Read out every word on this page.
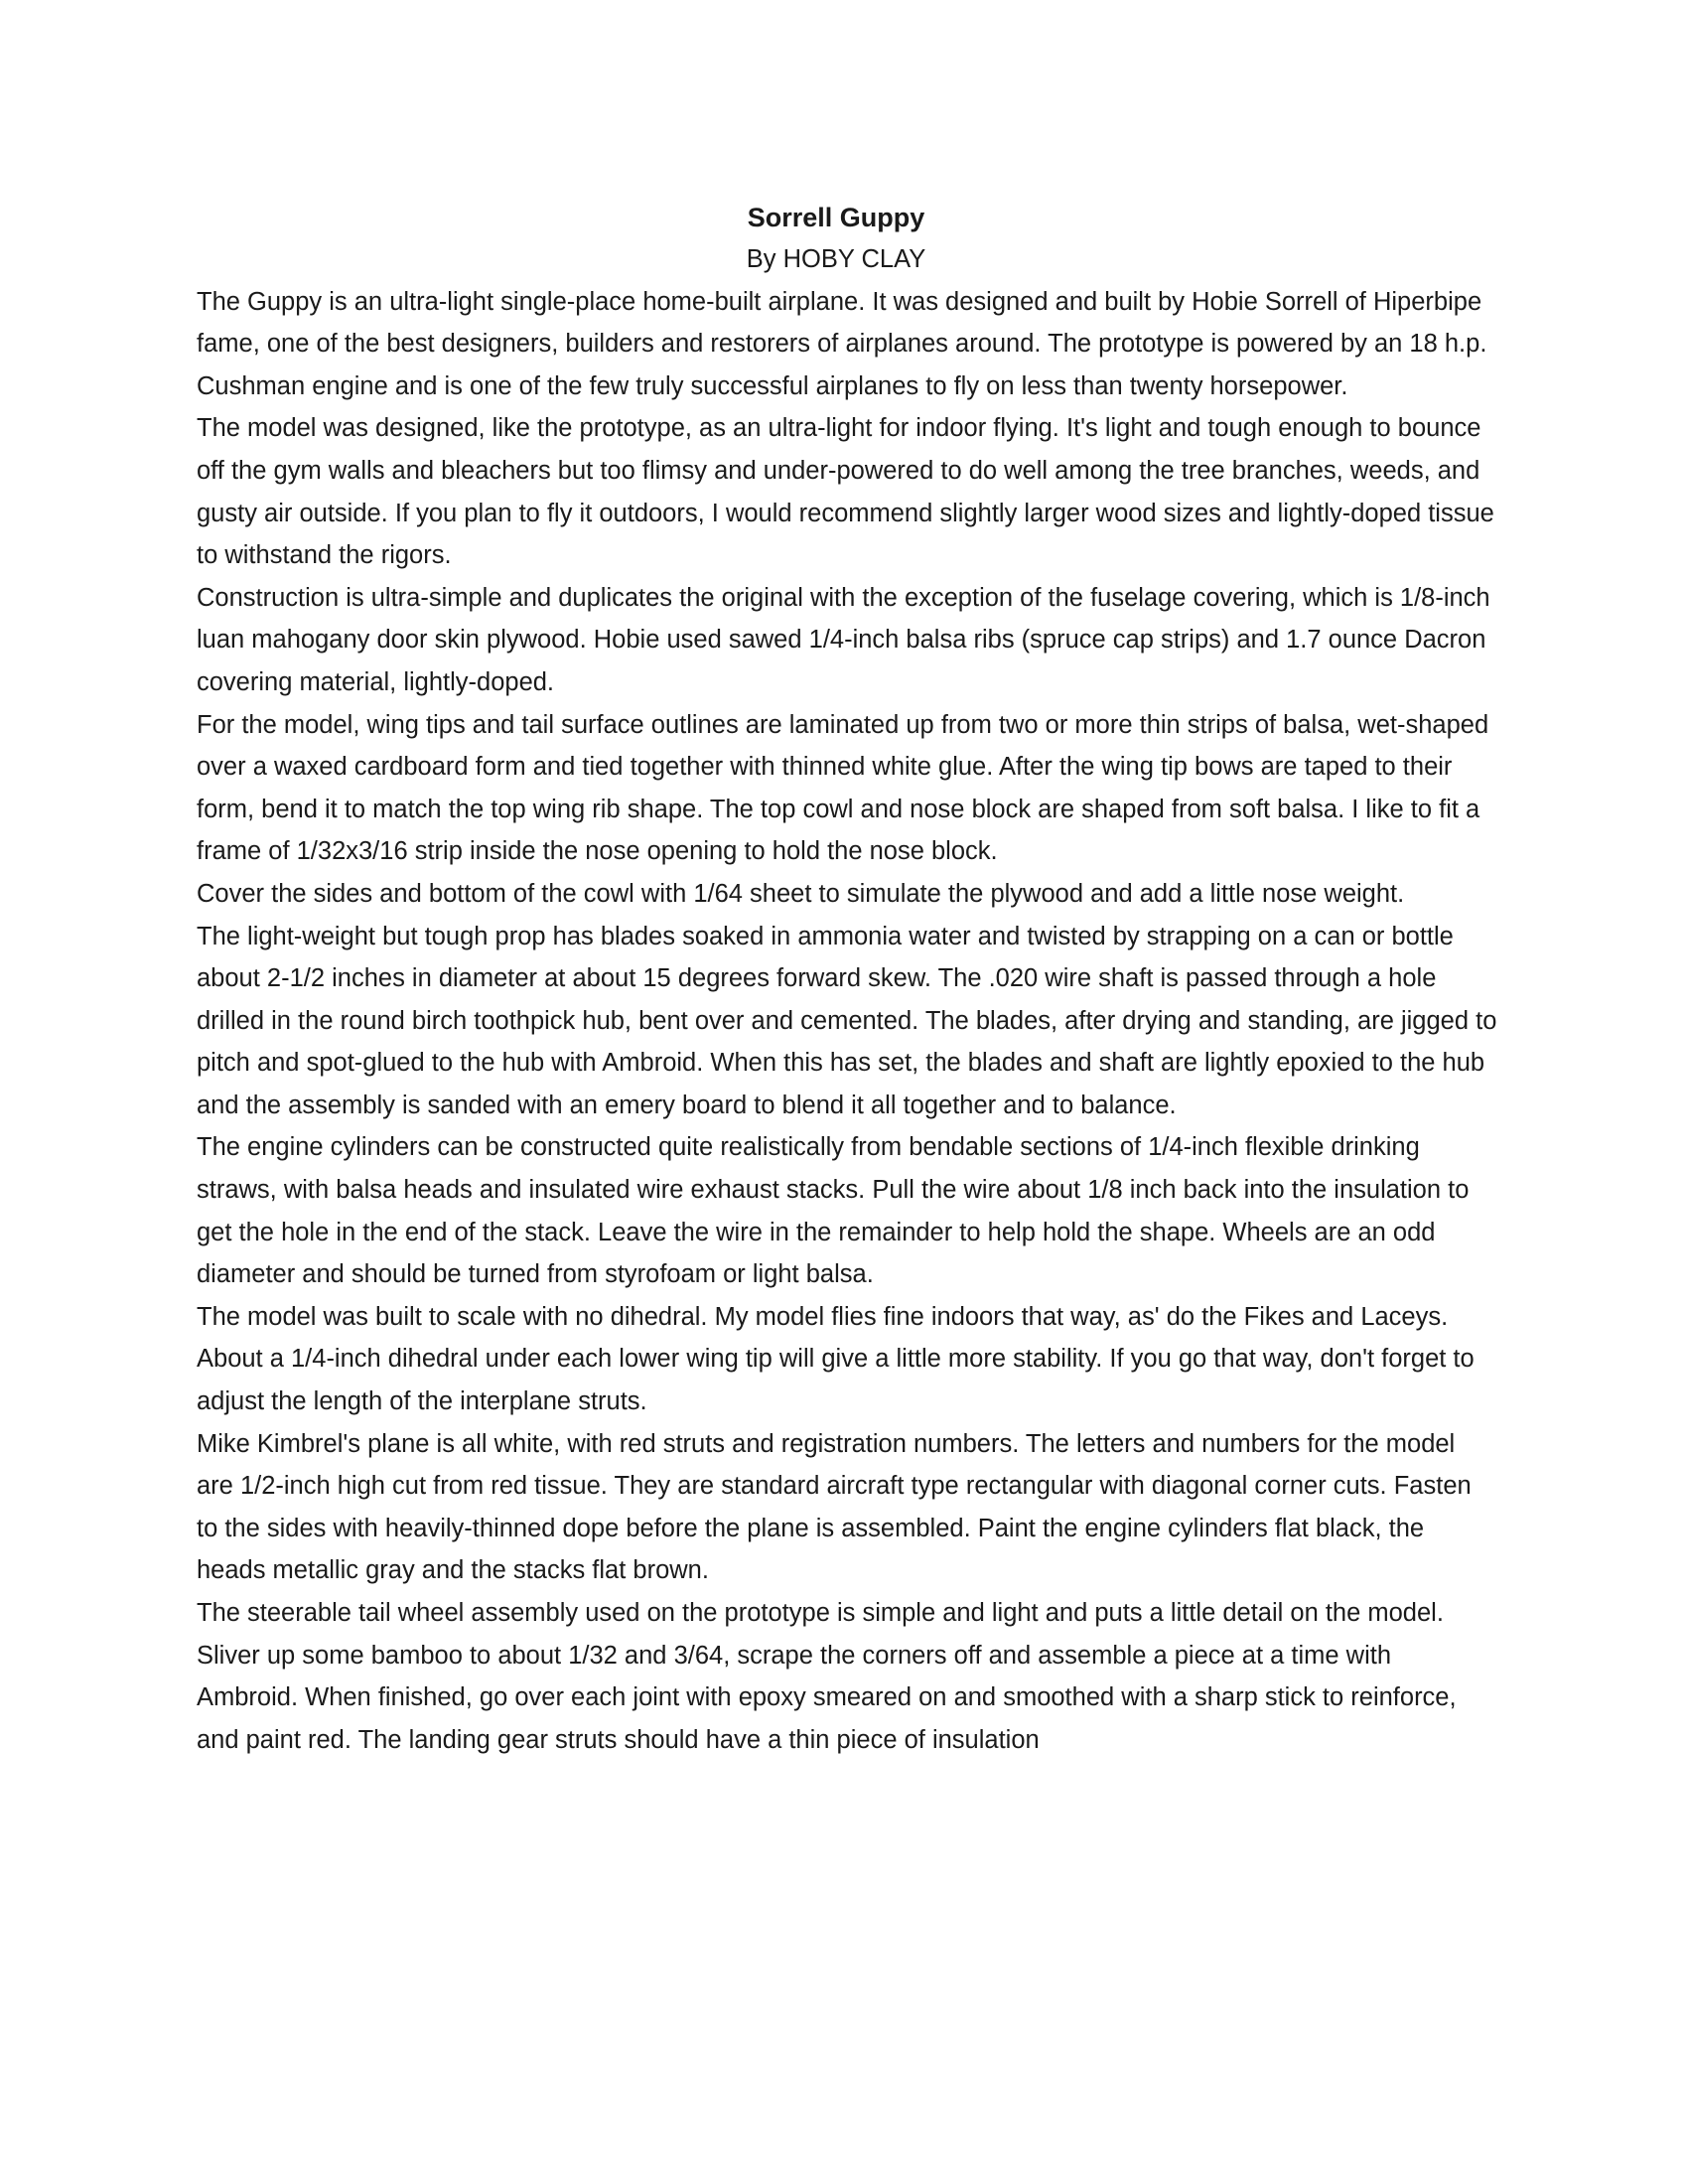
Sorrell Guppy

By HOBY CLAY

The Guppy is an ultra-light single-place home-built airplane. It was designed and built by Hobie Sorrell of Hiperbipe fame, one of the best designers, builders and restorers of airplanes around. The prototype is powered by an 18 h.p. Cushman engine and is one of the few truly successful airplanes to fly on less than twenty horsepower.

The model was designed, like the prototype, as an ultra-light for indoor flying. It's light and tough enough to bounce off the gym walls and bleachers but too flimsy and under-powered to do well among the tree branches, weeds, and gusty air outside. If you plan to fly it outdoors, I would recommend slightly larger wood sizes and lightly-doped tissue to withstand the rigors.

Construction is ultra-simple and duplicates the original with the exception of the fuselage covering, which is 1/8-inch luan mahogany door skin plywood. Hobie used sawed 1/4-inch balsa ribs (spruce cap strips) and 1.7 ounce Dacron covering material, lightly-doped.

For the model, wing tips and tail surface outlines are laminated up from two or more thin strips of balsa, wet-shaped over a waxed cardboard form and tied together with thinned white glue. After the wing tip bows are taped to their form, bend it to match the top wing rib shape. The top cowl and nose block are shaped from soft balsa. I like to fit a frame of 1/32x3/16 strip inside the nose opening to hold the nose block.

Cover the sides and bottom of the cowl with 1/64 sheet to simulate the plywood and add a little nose weight.

The light-weight but tough prop has blades soaked in ammonia water and twisted by strapping on a can or bottle about 2-1/2 inches in diameter at about 15 degrees forward skew. The .020 wire shaft is passed through a hole drilled in the round birch toothpick hub, bent over and cemented. The blades, after drying and standing, are jigged to pitch and spot-glued to the hub with Ambroid. When this has set, the blades and shaft are lightly epoxied to the hub and the assembly is sanded with an emery board to blend it all together and to balance.

The engine cylinders can be constructed quite realistically from bendable sections of 1/4-inch flexible drinking straws, with balsa heads and insulated wire exhaust stacks. Pull the wire about 1/8 inch back into the insulation to get the hole in the end of the stack. Leave the wire in the remainder to help hold the shape. Wheels are an odd diameter and should be turned from styrofoam or light balsa.

The model was built to scale with no dihedral. My model flies fine indoors that way, as' do the Fikes and Laceys. About a 1/4-inch dihedral under each lower wing tip will give a little more stability. If you go that way, don't forget to adjust the length of the interplane struts.

Mike Kimbrel's plane is all white, with red struts and registration numbers. The letters and numbers for the model are 1/2-inch high cut from red tissue. They are standard aircraft type rectangular with diagonal corner cuts. Fasten to the sides with heavily-thinned dope before the plane is assembled. Paint the engine cylinders flat black, the heads metallic gray and the stacks flat brown.

The steerable tail wheel assembly used on the prototype is simple and light and puts a little detail on the model. Sliver up some bamboo to about 1/32 and 3/64, scrape the corners off and assemble a piece at a time with Ambroid. When finished, go over each joint with epoxy smeared on and smoothed with a sharp stick to reinforce, and paint red. The landing gear struts should have a thin piece of insulation
